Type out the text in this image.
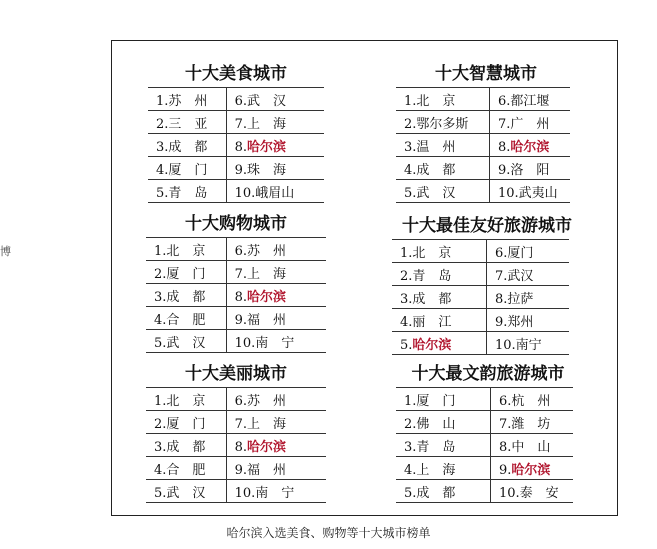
博
十大美食城市
1.苏　州	6.武　汉
2.三　亚	7.上　海
3.成　都	8.哈尔滨
4.厦　门	9.珠　海
5.青　岛	10.峨眉山
十大智慧城市
1.北　京	6.都江堰
2.鄂尔多斯	7.广　州
3.温　州	8.哈尔滨
4.成　都	9.洛　阳
5.武　汉	10.武夷山
十大购物城市
1.北　京	6.苏　州
2.厦　门	7.上　海
3.成　都	8.哈尔滨
4.合　肥	9.福　州
5.武　汉	10.南　宁
十大最佳友好旅游城市
1.北　京	6.厦门
2.青　岛	7.武汉
3.成　都	8.拉萨
4.丽　江	9.郑州
5.哈尔滨	10.南宁
十大美丽城市
1.北　京	6.苏　州
2.厦　门	7.上　海
3.成　都	8.哈尔滨
4.合　肥	9.福　州
5.武　汉	10.南　宁
十大最文韵旅游城市
1.厦　门	6.杭　州
2.佛　山	7.潍　坊
3.青　岛	8.中　山
4.上　海	9.哈尔滨
5.成　都	10.泰　安
哈尔滨入选美食、购物等十大城市榜单
